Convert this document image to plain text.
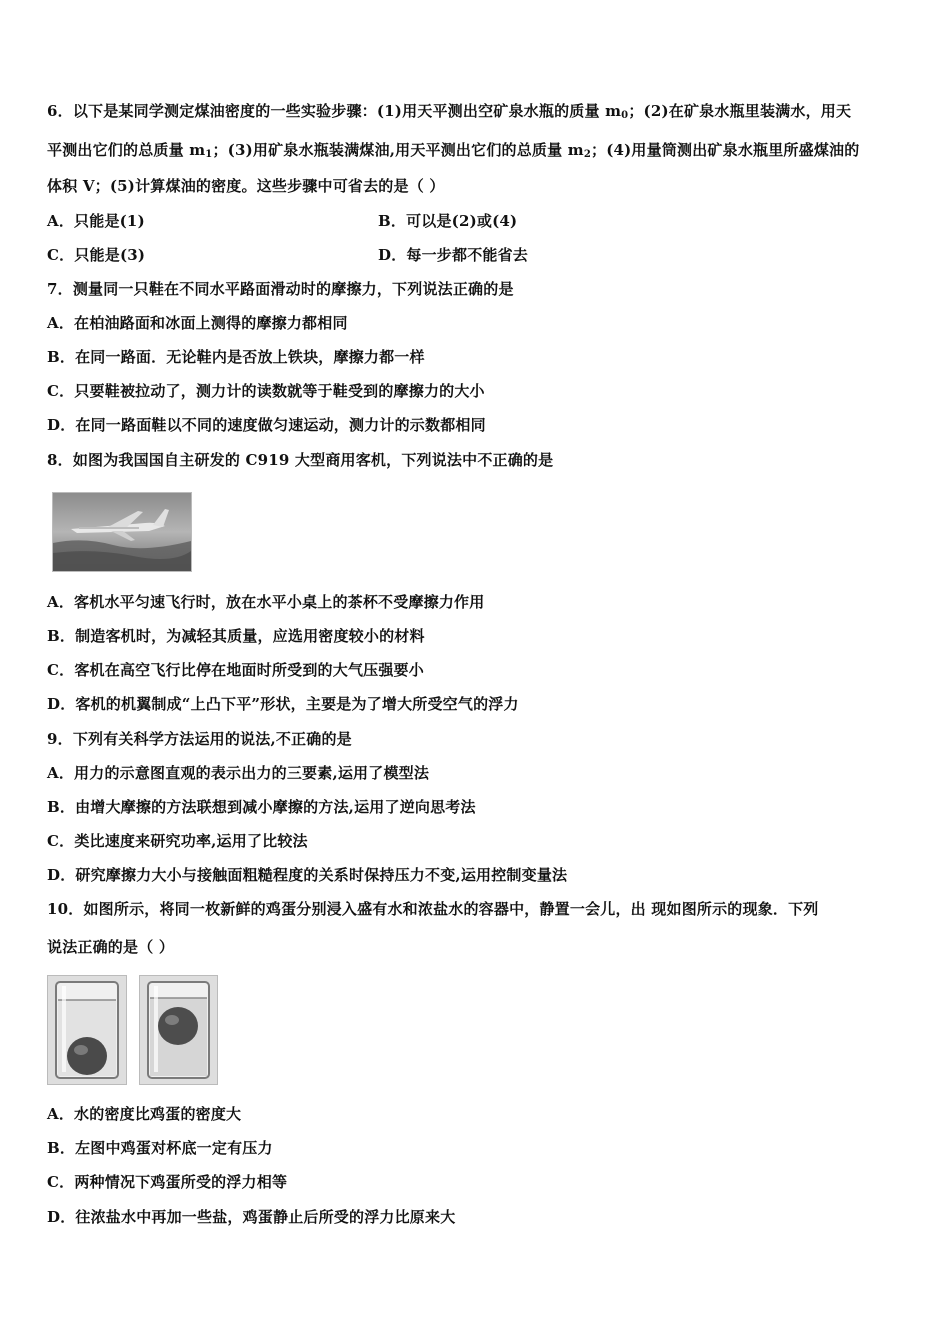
6．以下是某同学测定煤油密度的一些实验步骤：(1)用天平测出空矿泉水瓶的质量 $m_0$；(2)在矿泉水瓶里装满水，用天
平测出它们的总质量 $m_1$；(3)用矿泉水瓶装满煤油,用天平测出它们的总质量 $m_2$；(4)用量筒测出矿泉水瓶里所盛煤油的
体积 V；(5)计算煤油的密度。这些步骤中可省去的是（ ）
A．只能是(1)	B．可以是(2)或(4)
C．只能是(3)	D．每一步都不能省去
7．测量同一只鞋在不同水平路面滑动时的摩擦力，下列说法正确的是
A．在柏油路面和冰面上测得的摩擦力都相同
B．在同一路面．无论鞋内是否放上铁块，摩擦力都一样
C．只要鞋被拉动了，测力计的读数就等于鞋受到的摩擦力的大小
D．在同一路面鞋以不同的速度做匀速运动，测力计的示数都相同
8．如图为我国国自主研发的 C919 大型商用客机，下列说法中不正确的是
A．客机水平匀速飞行时，放在水平小桌上的茶杯不受摩擦力作用
B．制造客机时，为减轻其质量，应选用密度较小的材料
C．客机在高空飞行比停在地面时所受到的大气压强要小
D．客机的机翼制成“上凸下平”形状，主要是为了增大所受空气的浮力
9．下列有关科学方法运用的说法,不正确的是
A．用力的示意图直观的表示出力的三要素,运用了模型法
B．由增大摩擦的方法联想到减小摩擦的方法,运用了逆向思考法
C．类比速度来研究功率,运用了比较法
D．研究摩擦力大小与接触面粗糙程度的关系时保持压力不变,运用控制变量法
10．如图所示，将同一枚新鲜的鸡蛋分别浸入盛有水和浓盐水的容器中，静置一会儿，出 现如图所示的现象．下列
说法正确的是（ ）
A．水的密度比鸡蛋的密度大
B．左图中鸡蛋对杯底一定有压力
C．两种情况下鸡蛋所受的浮力相等
D．往浓盐水中再加一些盐，鸡蛋静止后所受的浮力比原来大
